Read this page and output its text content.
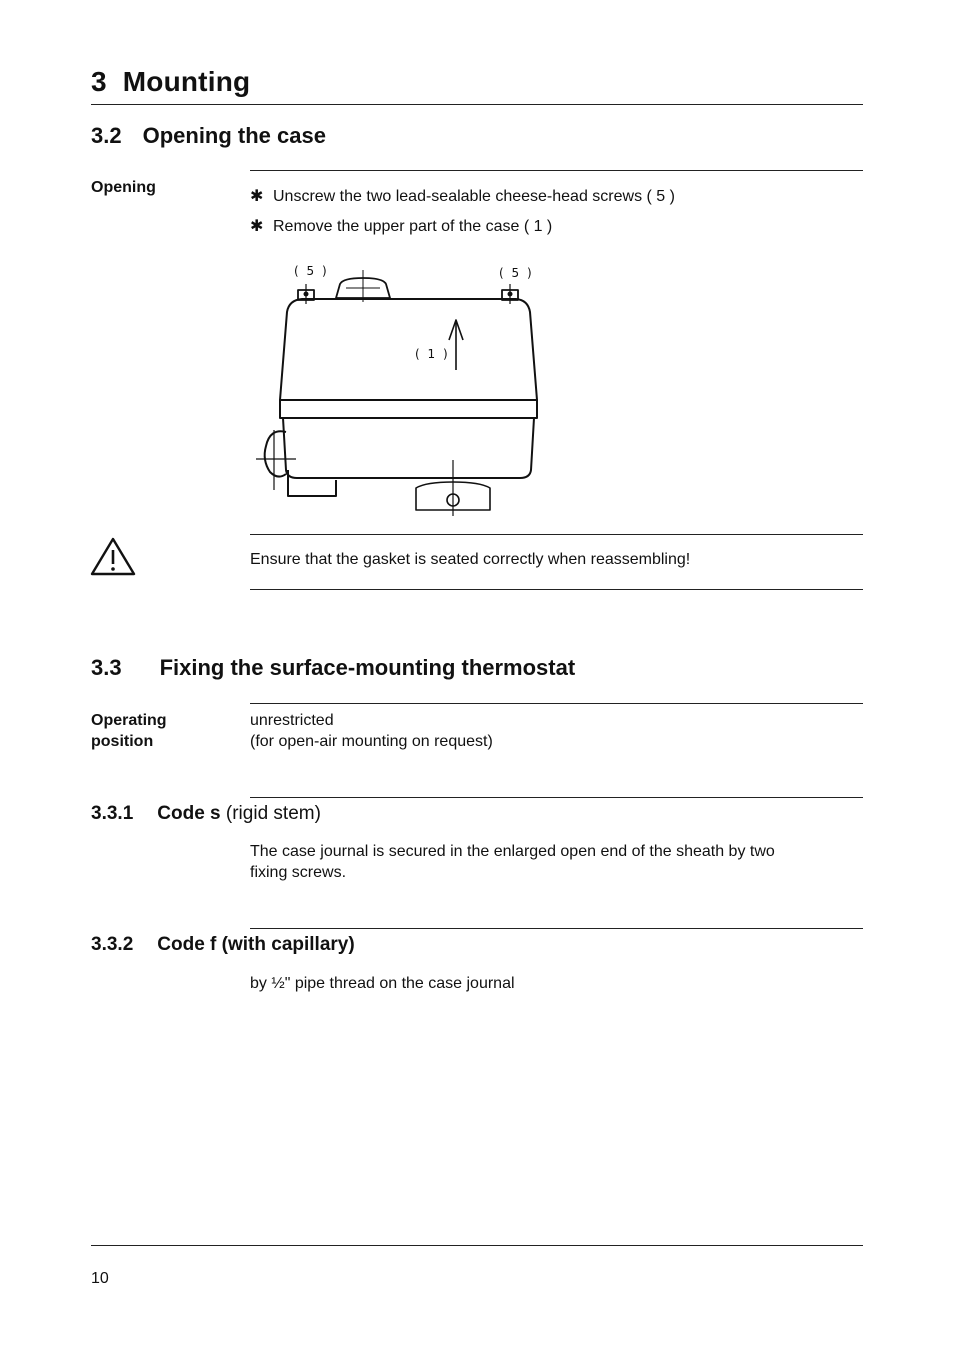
3 Mounting
3.2 Opening the case
Opening
✱ Unscrew the two lead-sealable cheese-head screws ( 5 )
✱ Remove the upper part of the case ( 1 )
( 5 )	( 5 )
( 1 )
Ensure that the gasket is seated correctly when reassembling!
3.3 Fixing the surface-mounting thermostat
Operating
position
unrestricted
(for open-air mounting on request)
3.3.1 Code s (rigid stem)
The case journal is secured in the enlarged open end of the sheath by two
fixing screws.
3.3.2 Code f (with capillary)
by ½" pipe thread on the case journal
10
